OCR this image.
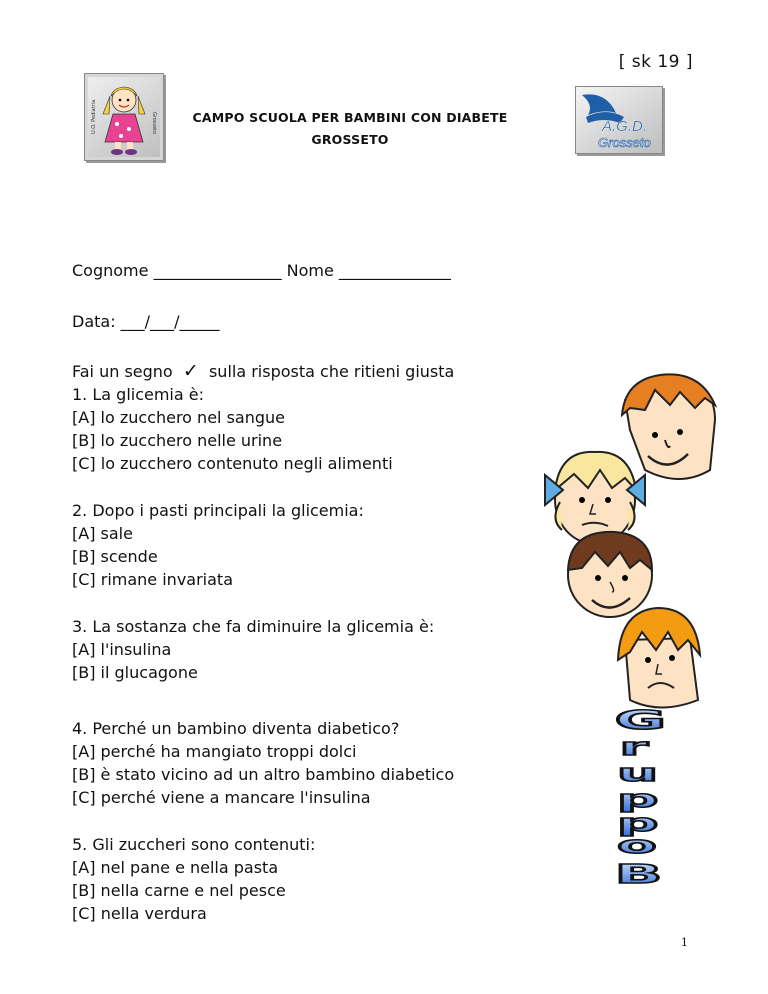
[ sk 19 ]
U.O. Pediatria	Grosseto	CAMPO SCUOLA PER BAMBINI CON DIABETE
GROSSETO
A.G.D.
Grosseto
Cognome ________________ Nome ______________
Data: ___/___/_____
Fai un segno ✓ sulla risposta che ritieni giusta
1. La glicemia è:
[A] lo zucchero nel sangue
[B] lo zucchero nelle urine
[C] lo zucchero contenuto negli alimenti
2. Dopo i pasti principali la glicemia:
[A] sale
[B] scende
[C] rimane invariata
3. La sostanza che fa diminuire la glicemia è:
[A] l'insulina
[B] il glucagone
4. Perché un bambino diventa diabetico?
[A] perché ha mangiato troppi dolci
[B] è stato vicino ad un altro bambino diabetico
[C] perché viene a mancare l'insulina
5. Gli zuccheri sono contenuti:
[A] nel pane e nella pasta
[B] nella carne e nel pesce
[C] nella verdura
G
r
u
p
p
o
B
1
